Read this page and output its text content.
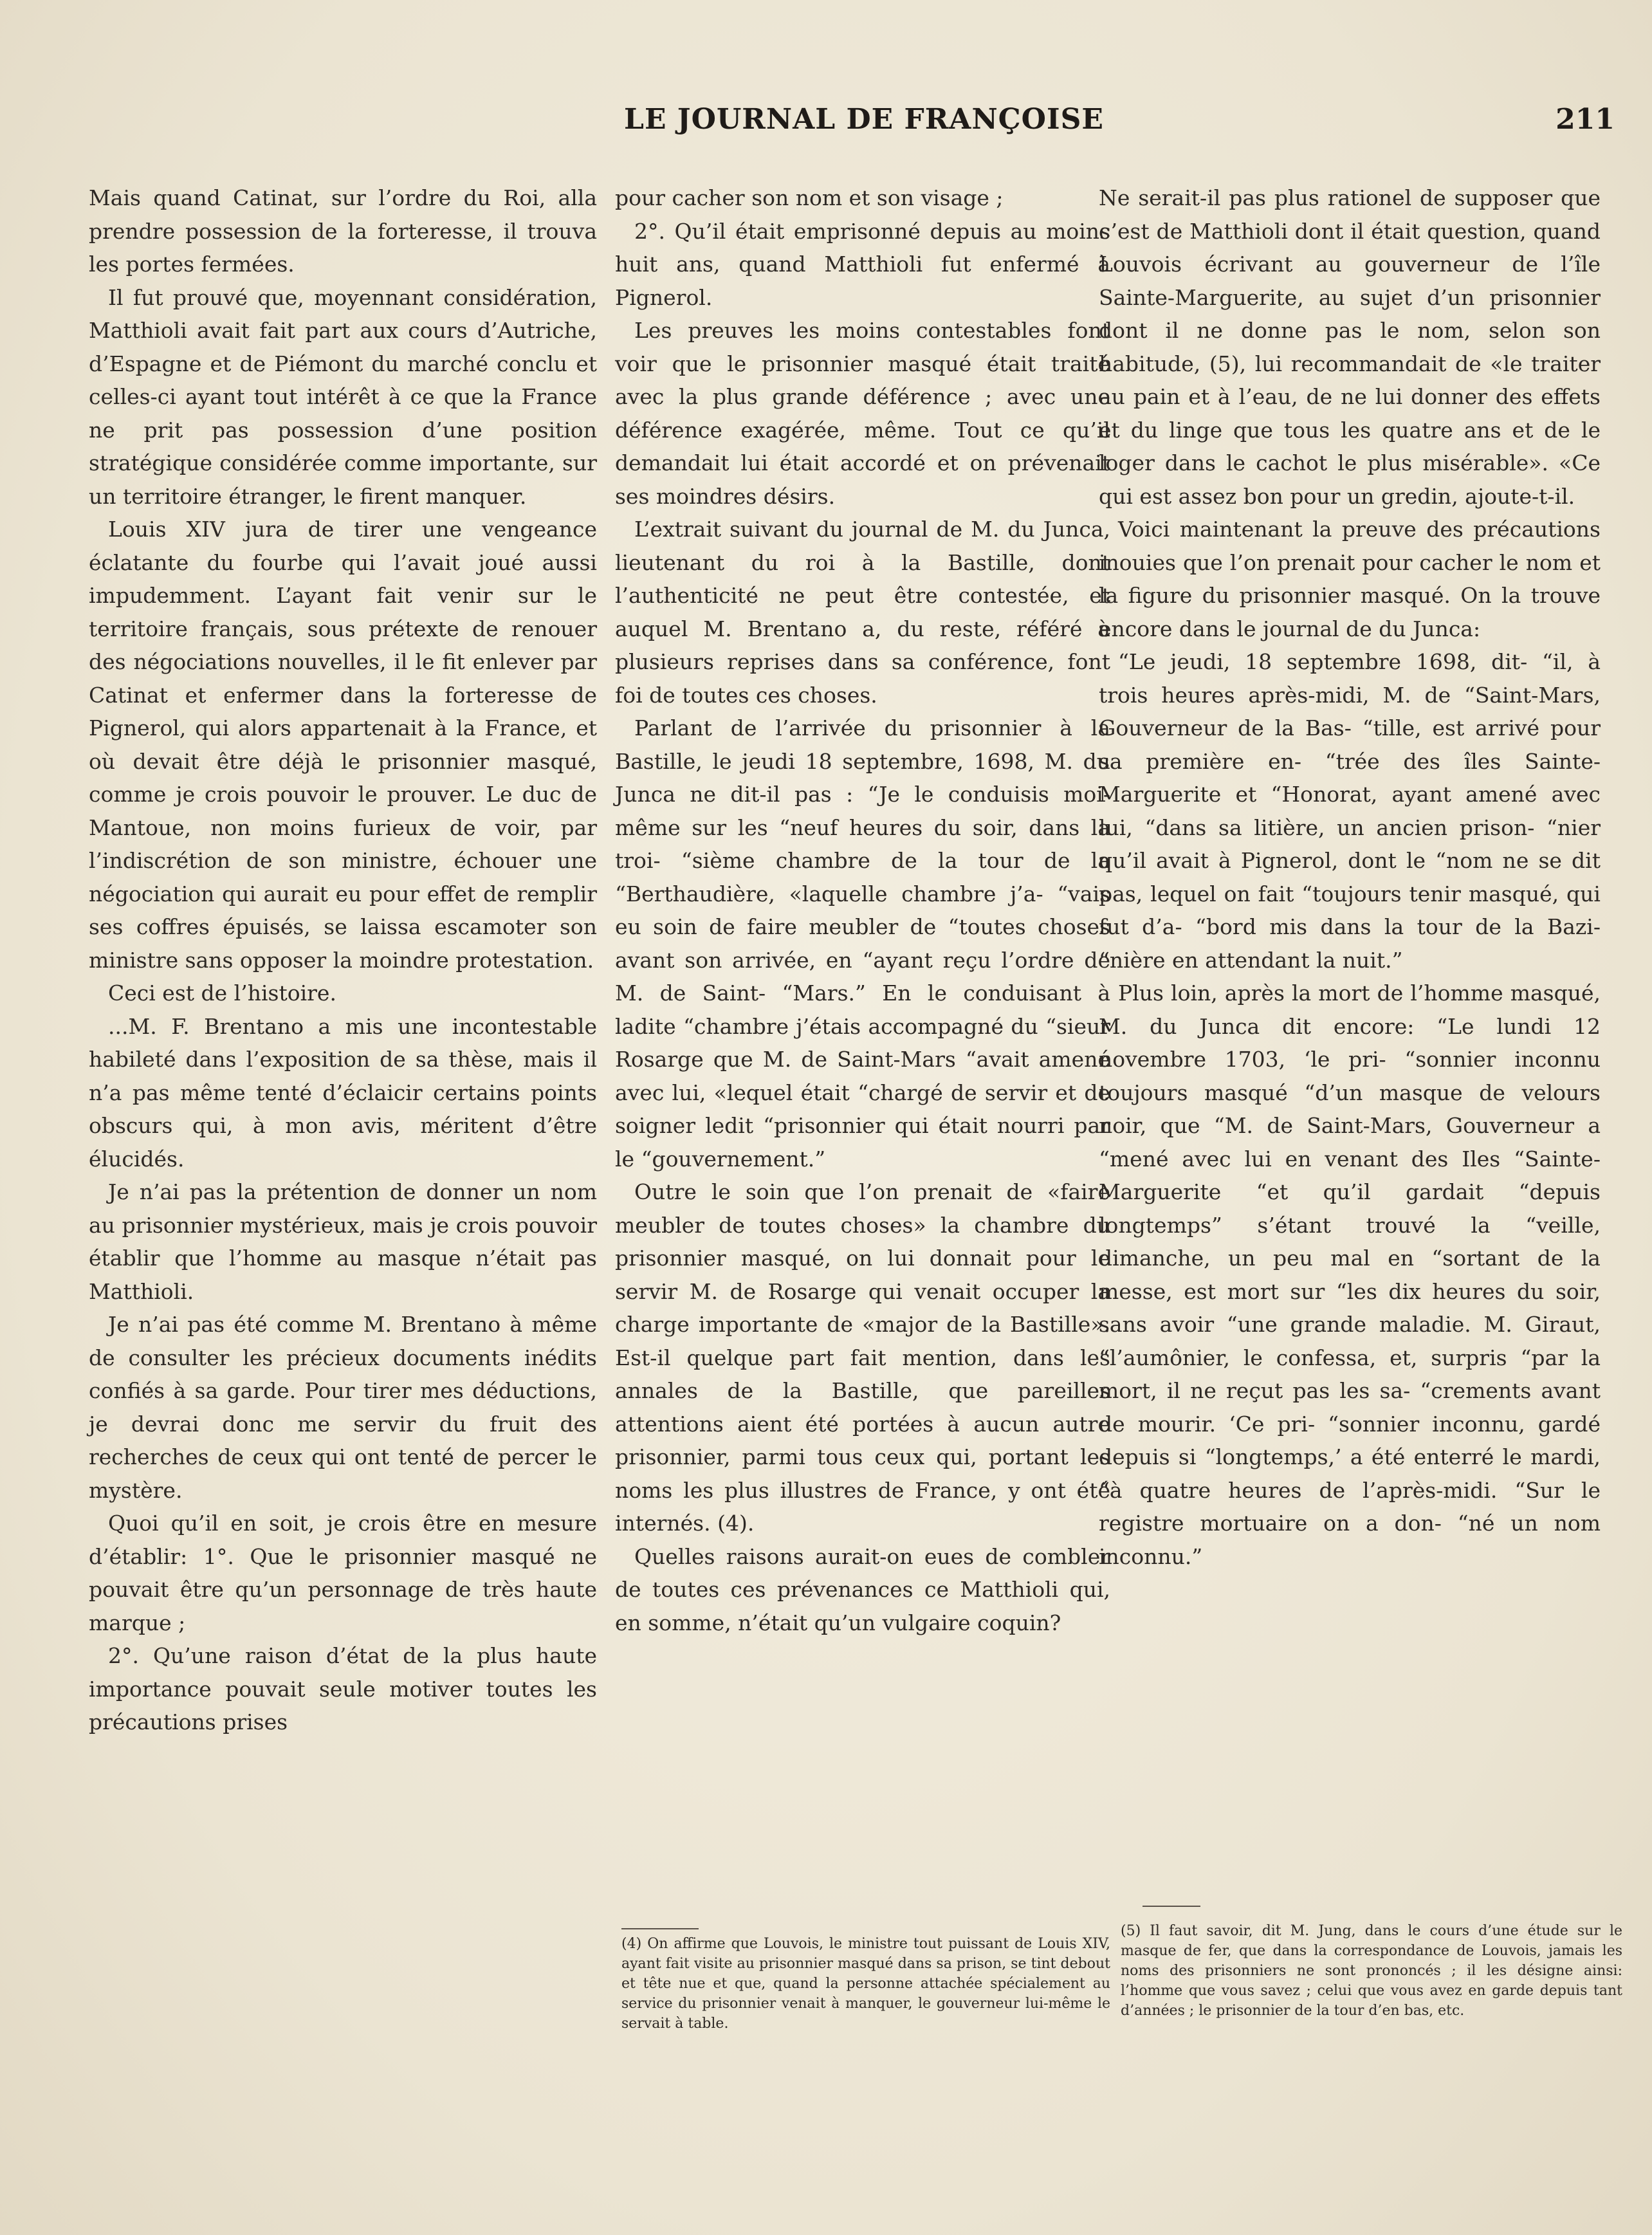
LE JOURNAL DE FRANÇOISE	211

Mais quand Catinat, sur l’ordre du Roi, alla prendre possession de la forteresse, il trouva les portes fermées.

Il fut prouvé que, moyennant considération, Matthioli avait fait part aux cours d’Autriche, d’Espagne et de Piémont du marché conclu et celles-ci ayant tout intérêt à ce que la France ne prit pas possession d’une position stratégique considérée comme importante, sur un territoire étranger, le firent manquer.

Louis XIV jura de tirer une vengeance éclatante du fourbe qui l’avait joué aussi impudemment. L’ayant fait venir sur le territoire français, sous prétexte de renouer des négociations nouvelles, il le fit enlever par Catinat et enfermer dans la forteresse de Pignerol, qui alors appartenait à la France, et où devait être déjà le prisonnier masqué, comme je crois pouvoir le prouver. Le duc de Mantoue, non moins furieux de voir, par l’indiscrétion de son ministre, échouer une négociation qui aurait eu pour effet de remplir ses coffres épuisés, se laissa escamoter son ministre sans opposer la moindre protestation.

Ceci est de l’histoire.

...M. F. Brentano a mis une incontestable habileté dans l’exposition de sa thèse, mais il n’a pas même tenté d’éclaicir certains points obscurs qui, à mon avis, méritent d’être élucidés.

Je n’ai pas la prétention de donner un nom au prisonnier mystérieux, mais je crois pouvoir établir que l’homme au masque n’était pas Matthioli.

Je n’ai pas été comme M. Brentano à même de consulter les précieux documents inédits confiés à sa garde. Pour tirer mes déductions, je devrai donc me servir du fruit des recherches de ceux qui ont tenté de percer le mystère.

Quoi qu’il en soit, je crois être en mesure d’établir: 1°. Que le prisonnier masqué ne pouvait être qu’un personnage de très haute marque ;

2°. Qu’une raison d’état de la plus haute importance pouvait seule motiver toutes les précautions prises

pour cacher son nom et son visage ;

2°. Qu’il était emprisonné depuis au moins huit ans, quand Matthioli fut enfermé à Pignerol.

Les preuves les moins contestables font voir que le prisonnier masqué était traité avec la plus grande déférence ; avec une déférence exagérée, même. Tout ce qu’il demandait lui était accordé et on prévenait ses moindres désirs.

L’extrait suivant du journal de M. du Junca, lieutenant du roi à la Bastille, dont l’authenticité ne peut être contestée, et auquel M. Brentano a, du reste, référé à plusieurs reprises dans sa conférence, font foi de toutes ces choses.

Parlant de l’arrivée du prisonnier à la Bastille, le jeudi 18 septembre, 1698, M. du Junca ne dit-il pas : “Je le conduisis moi-même sur les “neuf heures du soir, dans la troi- “sième chambre de la tour de la “Berthaudière, «laquelle chambre j’a- “vais eu soin de faire meubler de “toutes choses avant son arrivée, en “ayant reçu l’ordre de M. de Saint- “Mars.” En le conduisant à ladite “chambre j’étais accompagné du “sieur Rosarge que M. de Saint-Mars “avait amené avec lui, «lequel était “chargé de servir et de soigner ledit “prisonnier qui était nourri par le “gouvernement.”

Outre le soin que l’on prenait de «faire meubler de toutes choses» la chambre du prisonnier masqué, on lui donnait pour le servir M. de Rosarge qui venait occuper la charge importante de «major de la Bastille». Est-il quelque part fait mention, dans les annales de la Bastille, que pareilles attentions aient été portées à aucun autre prisonnier, parmi tous ceux qui, portant les noms les plus illustres de France, y ont été internés. (4).

Quelles raisons aurait-on eues de combler de toutes ces prévenances ce Matthioli qui, en somme, n’était qu’un vulgaire coquin?

Ne serait-il pas plus rationel de supposer que c’est de Matthioli dont il était question, quand Louvois écrivant au gouverneur de l’île Sainte-Marguerite, au sujet d’un prisonnier dont il ne donne pas le nom, selon son habitude, (5), lui recommandait de «le traiter au pain et à l’eau, de ne lui donner des effets et du linge que tous les quatre ans et de le loger dans le cachot le plus misérable». «Ce qui est assez bon pour un gredin, ajoute-t-il.

Voici maintenant la preuve des précautions inouies que l’on prenait pour cacher le nom et la figure du prisonnier masqué. On la trouve encore dans le journal de du Junca:

“Le jeudi, 18 septembre 1698, dit- “il, à trois heures après-midi, M. de “Saint-Mars, Gouverneur de la Bas- “tille, est arrivé pour sa première en- “trée des îles Sainte-Marguerite et “Honorat, ayant amené avec lui, “dans sa litière, un ancien prison- “nier qu’il avait à Pignerol, dont le “nom ne se dit pas, lequel on fait “toujours tenir masqué, qui fut d’a- “bord mis dans la tour de la Bazi- “nière en attendant la nuit.”

Plus loin, après la mort de l’homme masqué, M. du Junca dit encore: “Le lundi 12 novembre 1703, ‘le pri- “sonnier inconnu toujours masqué “d’un masque de velours noir, que “M. de Saint-Mars, Gouverneur a “mené avec lui en venant des Iles “Sainte-Marguerite “et qu’il gardait “depuis longtemps” s’étant trouvé la “veille, dimanche, un peu mal en “sortant de la messe, est mort sur “les dix heures du soir, sans avoir “une grande maladie. M. Giraut, “l’aumônier, le confessa, et, surpris “par la mort, il ne reçut pas les sa- “crements avant de mourir. ‘Ce pri- “sonnier inconnu, gardé depuis si “longtemps,’ a été enterré le mardi, “à quatre heures de l’après-midi. “Sur le registre mortuaire on a don- “né un nom inconnu.”

(4) On affirme que Louvois, le ministre tout puissant de Louis XIV, ayant fait visite au prisonnier masqué dans sa prison, se tint debout et tête nue et que, quand la personne attachée spécialement au service du prisonnier venait à manquer, le gouverneur lui-même le servait à table.
(5) Il faut savoir, dit M. Jung, dans le cours d’une étude sur le masque de fer, que dans la correspondance de Louvois, jamais les noms des prisonniers ne sont prononcés ; il les désigne ainsi: l’homme que vous savez ; celui que vous avez en garde depuis tant d’années ; le prisonnier de la tour d’en bas, etc.
